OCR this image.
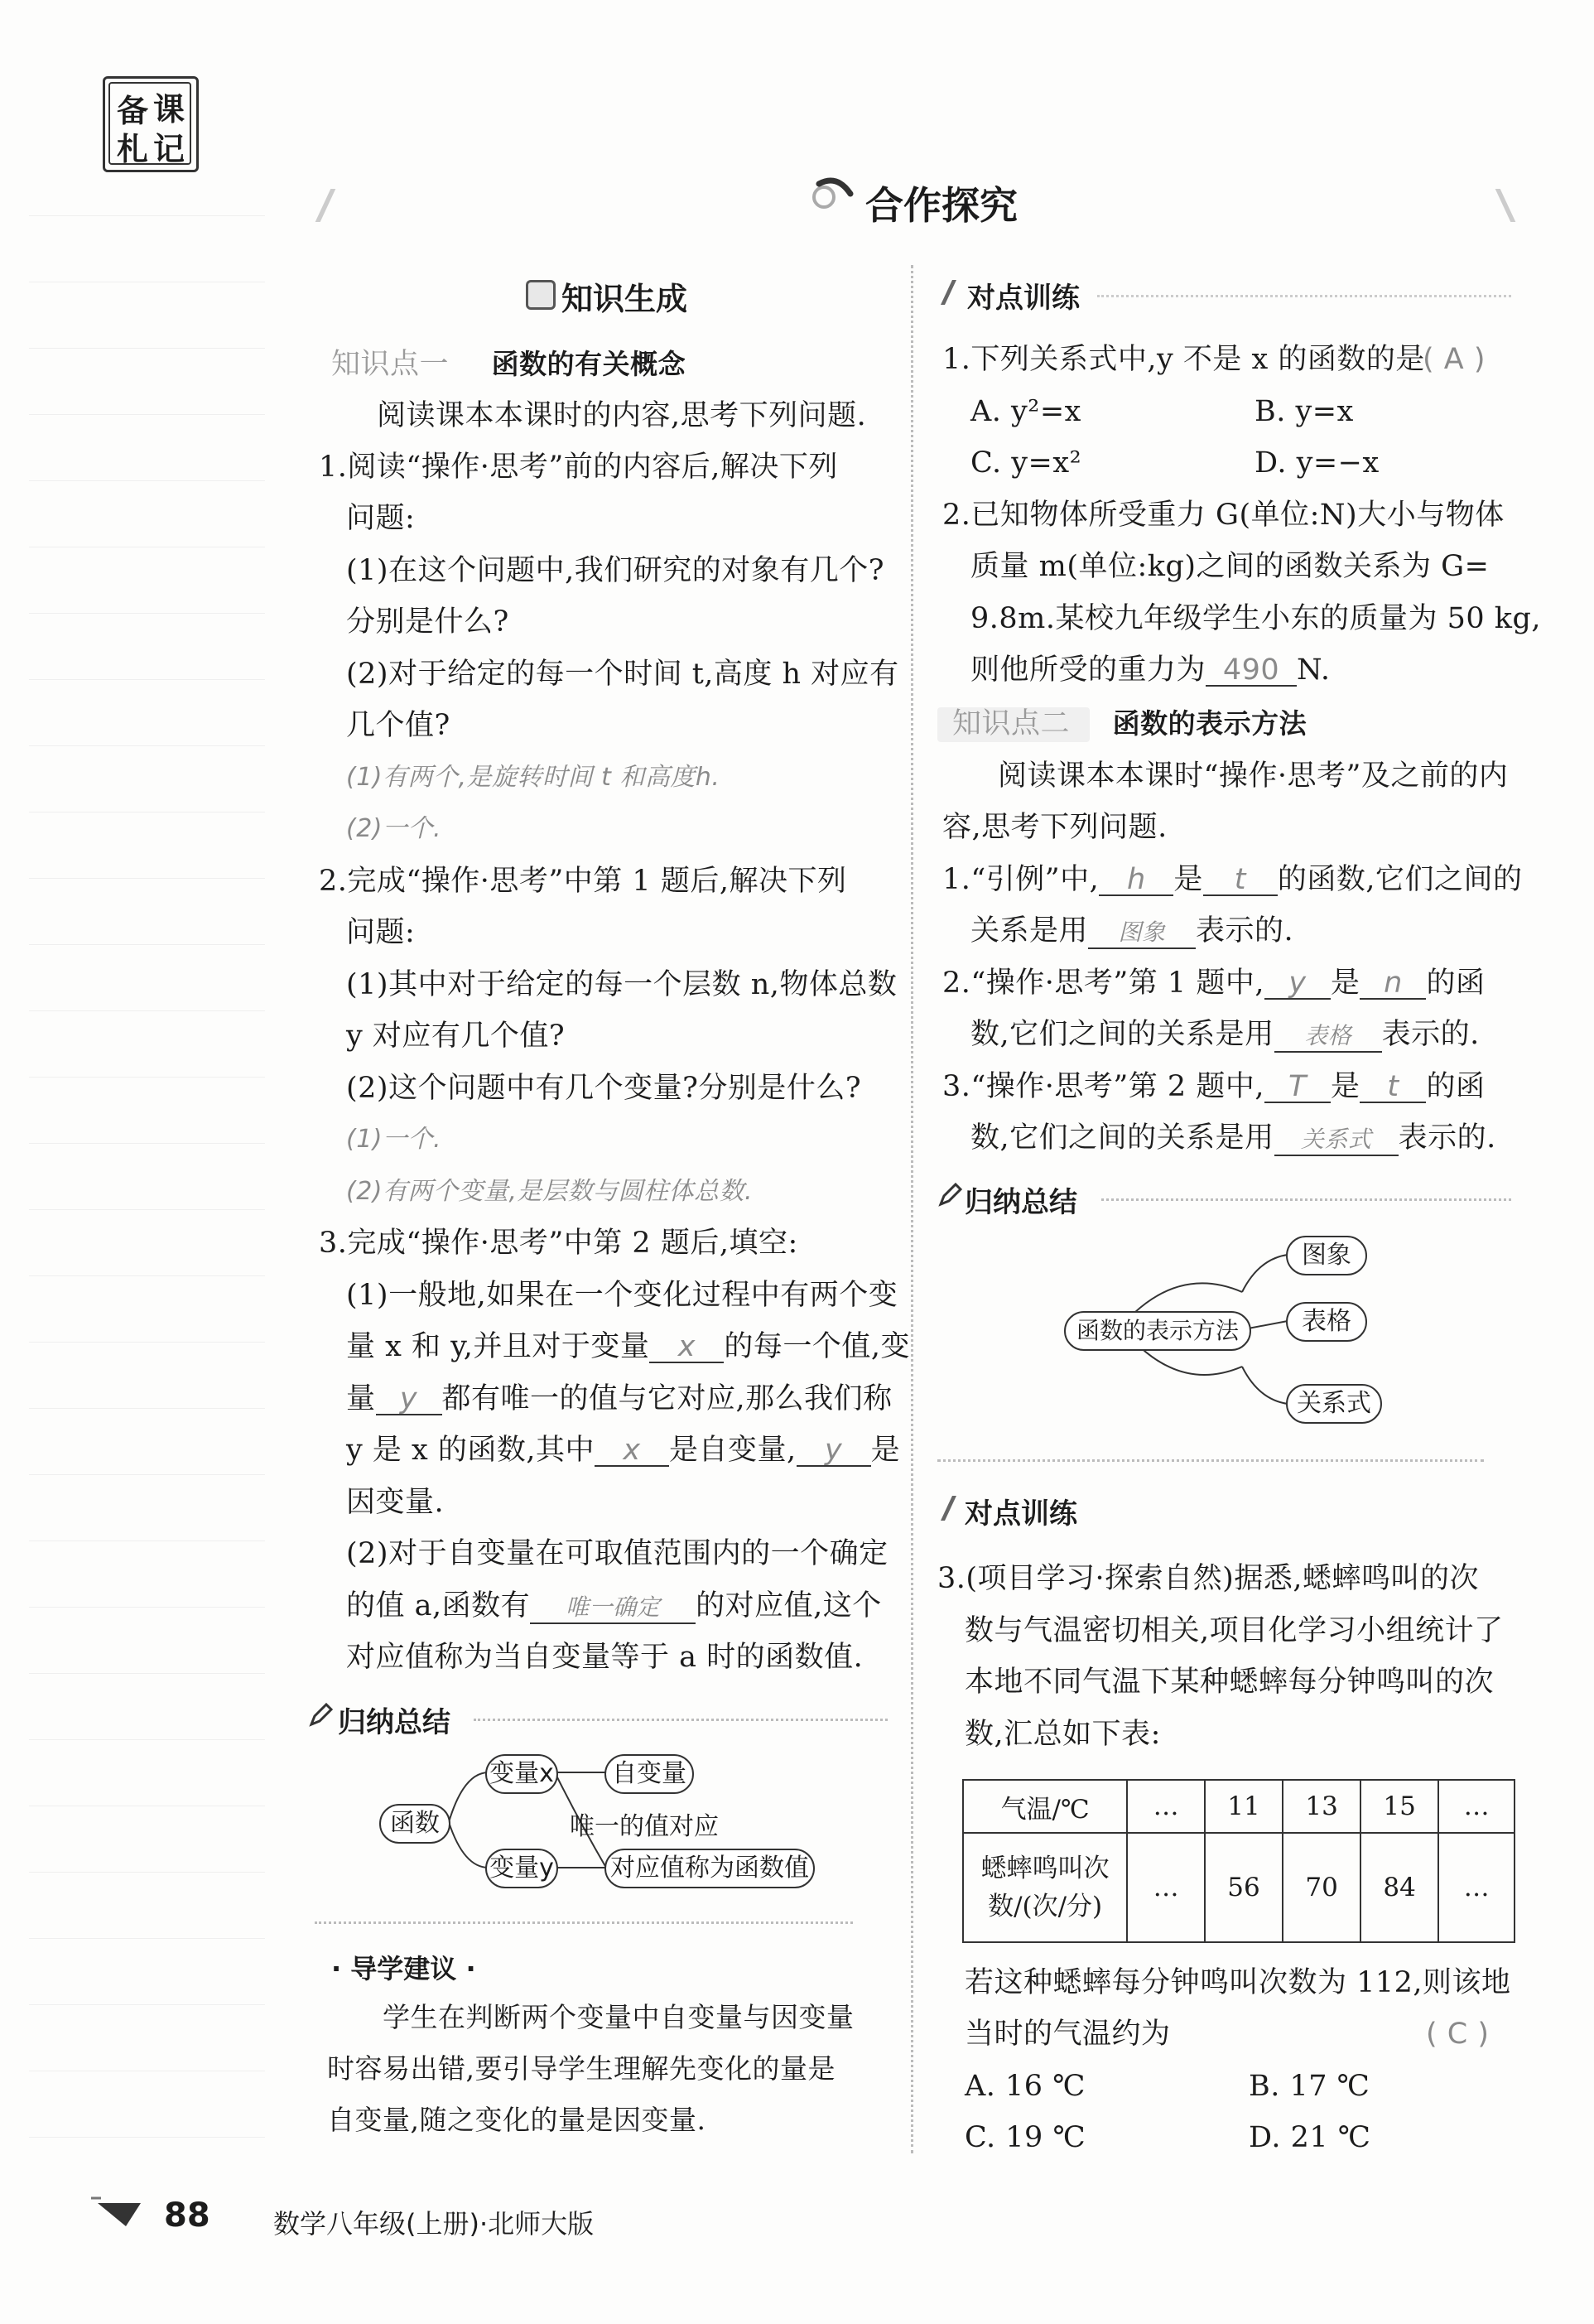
备 课
札 记
合作探究
知识生成
知识点一 函数的有关概念
阅读课本本课时的内容,思考下列问题.
1.阅读“操作·思考”前的内容后,解决下列
问题:
(1)在这个问题中,我们研究的对象有几个?
分别是什么?
(2)对于给定的每一个时间 t,高度 h 对应有
几个值?
(1)有两个,是旋转时间 t 和高度h.
(2)一个.
2.完成“操作·思考”中第 1 题后,解决下列
问题:
(1)其中对于给定的每一个层数 n,物体总数
y 对应有几个值?
(2)这个问题中有几个变量?分别是什么?
(1)一个.
(2)有两个变量,是层数与圆柱体总数.
3.完成“操作·思考”中第 2 题后,填空:
(1)一般地,如果在一个变化过程中有两个变
量 x 和 y,并且对于变量 x 的每一个值,变
量 y 都有唯一的值与它对应,那么我们称
y 是 x 的函数,其中 x 是自变量, y 是
因变量.
(2)对于自变量在可取值范围内的一个确定
的值 a,函数有 唯一确定 的对应值,这个
对应值称为当自变量等于 a 时的函数值.
归纳总结
函数
变量x
变量y
自变量
唯一的值对应
对应值称为函数值
· 导学建议 ·
学生在判断两个变量中自变量与因变量
时容易出错,要引导学生理解先变化的量是
自变量,随之变化的量是因变量.
对点训练
1.下列关系式中,y 不是 x 的函数的是
( A )
A. y²=x	B. y=x
C. y=x²	D. y=−x
2.已知物体所受重力 G(单位:N)大小与物体
质量 m(单位:kg)之间的函数关系为 G=
9.8m.某校九年级学生小东的质量为 50 kg,
则他所受的重力为 490 N.
知识点二 函数的表示方法
阅读课本本课时“操作·思考”及之前的内
容,思考下列问题.
1.“引例”中, h 是 t 的函数,它们之间的
关系是用 图象 表示的.
2.“操作·思考”第 1 题中, y 是 n 的函
数,它们之间的关系是用 表格 表示的.
3.“操作·思考”第 2 题中, T 是 t 的函
数,它们之间的关系是用 关系式 表示的.
归纳总结
函数的表示方法
图象
表格
关系式
对点训练
3.(项目学习·探索自然)据悉,蟋蟀鸣叫的次
数与气温密切相关,项目化学习小组统计了
本地不同气温下某种蟋蟀每分钟鸣叫的次
数,汇总如下表:
气温/℃	…	11	13	15	…

蟋蟀鸣叫次
数/(次/分)	…	56	70	84	…
若这种蟋蟀每分钟鸣叫次数为 112,则该地
当时的气温约为	( C )
A. 16 ℃	B. 17 ℃
C. 19 ℃	D. 21 ℃
88 数学八年级(上册)·北师大版
